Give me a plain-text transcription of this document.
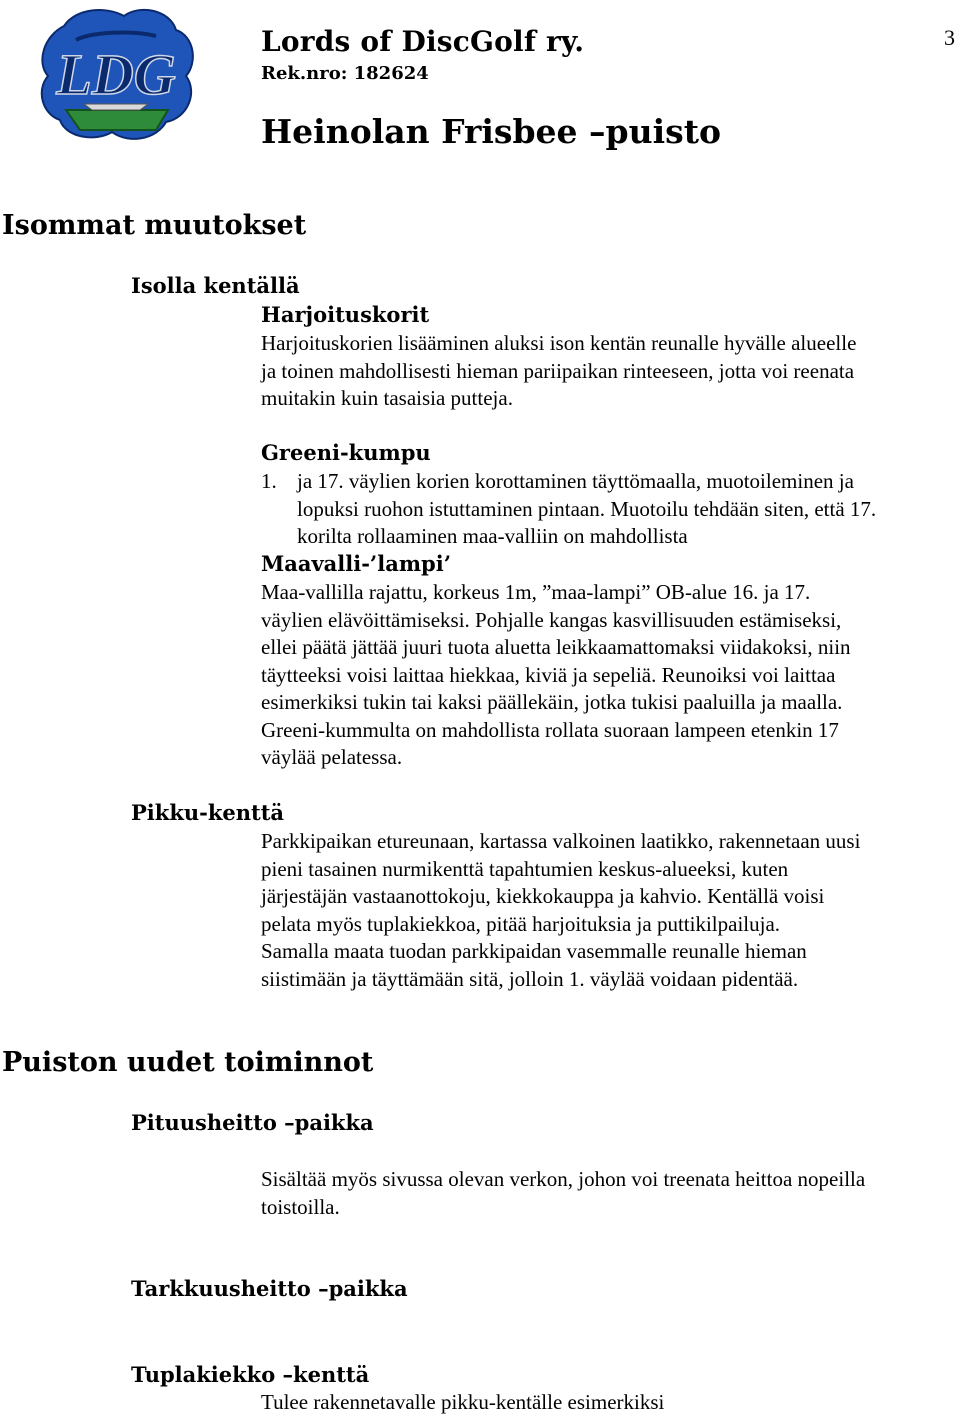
LDG
Lords of DiscGolf ry.
Rek.nro: 182624
3
Heinolan Frisbee –puisto
Isommat muutokset
Isolla kentällä
Harjoituskorit
Harjoituskorien lisääminen aluksi ison kentän reunalle hyvälle alueelle
ja toinen mahdollisesti hieman pariipaikan rinteeseen, jotta voi reenata
muitakin kuin tasaisia putteja.
Greeni-kumpu
1. ja 17. väylien korien korottaminen täyttömaalla, muotoileminen ja
lopuksi ruohon istuttaminen pintaan. Muotoilu tehdään siten, että 17.
korilta rollaaminen maa-valliin on mahdollista
Maavalli-’lampi’
Maa-vallilla rajattu, korkeus 1m, ”maa-lampi” OB-alue 16. ja 17.
väylien elävöittämiseksi. Pohjalle kangas kasvillisuuden estämiseksi,
ellei päätä jättää juuri tuota aluetta leikkaamattomaksi viidakoksi, niin
täytteeksi voisi laittaa hiekkaa, kiviä ja sepeliä. Reunoiksi voi laittaa
esimerkiksi tukin tai kaksi päällekäin, jotka tukisi paaluilla ja maalla.
Greeni-kummulta on mahdollista rollata suoraan lampeen etenkin 17
väylää pelatessa.
Pikku-kenttä
Parkkipaikan etureunaan, kartassa valkoinen laatikko, rakennetaan uusi
pieni tasainen nurmikenttä tapahtumien keskus-alueeksi, kuten
järjestäjän vastaanottokoju, kiekkokauppa ja kahvio. Kentällä voisi
pelata myös tuplakiekkoa, pitää harjoituksia ja puttikilpailuja.
Samalla maata tuodan parkkipaidan vasemmalle reunalle hieman
siistimään ja täyttämään sitä, jolloin 1. väylää voidaan pidentää.
Puiston uudet toiminnot
Pituusheitto –paikka
Sisältää myös sivussa olevan verkon, johon voi treenata heittoa nopeilla
toistoilla.
Tarkkuusheitto –paikka
Tuplakiekko –kenttä
Tulee rakennetavalle pikku-kentälle esimerkiksi
